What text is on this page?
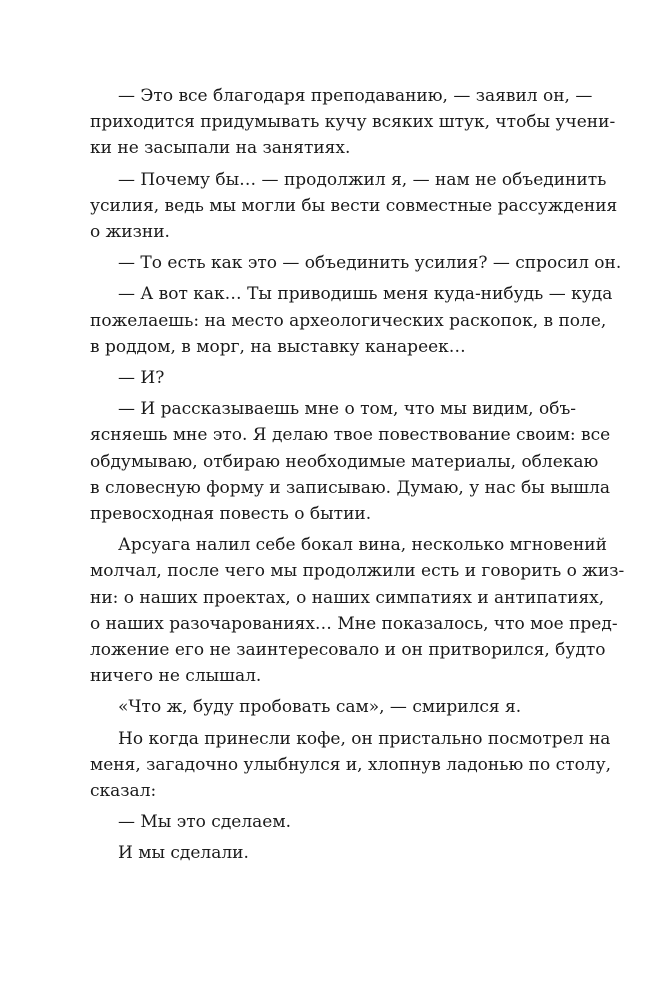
— Это все благодаря преподаванию, — заявил он, —
приходится придумывать кучу всяких штук, чтобы учени-
ки не засыпали на занятиях.
— Почему бы… — продолжил я, — нам не объединить
усилия, ведь мы могли бы вести совместные рассуждения
о жизни.
— То есть как это — объединить усилия? — спросил он.
— А вот как… Ты приводишь меня куда-нибудь — куда
пожелаешь: на место археологических раскопок, в поле,
в роддом, в морг, на выставку канареек…
— И?
— И рассказываешь мне о том, что мы видим, объ-
ясняешь мне это. Я делаю твое повествование своим: все
обдумываю, отбираю необходимые материалы, облекаю
в словесную форму и записываю. Думаю, у нас бы вышла
превосходная повесть о бытии.
Арсуага налил себе бокал вина, несколько мгновений
молчал, после чего мы продолжили есть и говорить о жиз-
ни: о наших проектах, о наших симпатиях и антипатиях,
о наших разочарованиях… Мне показалось, что мое пред-
ложение его не заинтересовало и он притворился, будто
ничего не слышал.
«Что ж, буду пробовать сам», — смирился я.
Но когда принесли кофе, он пристально посмотрел на
меня, загадочно улыбнулся и, хлопнув ладонью по столу,
сказал:
— Мы это сделаем.
И мы сделали.
